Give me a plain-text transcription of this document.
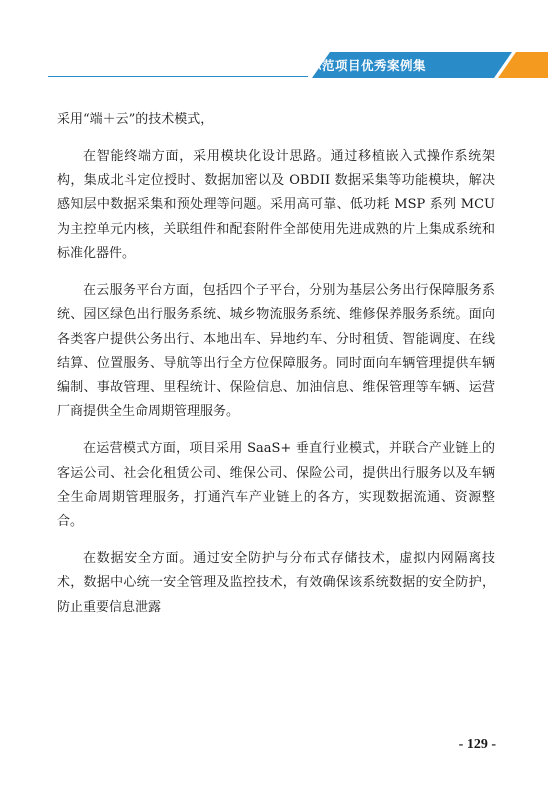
物联网示范项目优秀案例集

采用“端＋云”的技术模式，

在智能终端方面，采用模块化设计思路。通过移植嵌入式操作系统架构，集成北斗定位授时、数据加密以及 OBDII 数据采集等功能模块，解决感知层中数据采集和预处理等问题。采用高可靠、低功耗 MSP 系列 MCU 为主控单元内核，关联组件和配套附件全部使用先进成熟的片上集成系统和标准化器件。

在云服务平台方面，包括四个子平台，分别为基层公务出行保障服务系统、园区绿色出行服务系统、城乡物流服务系统、维修保养服务系统。面向各类客户提供公务出行、本地出车、异地约车、分时租赁、智能调度、在线结算、位置服务、导航等出行全方位保障服务。同时面向车辆管理提供车辆编制、事故管理、里程统计、保险信息、加油信息、维保管理等车辆、运营厂商提供全生命周期管理服务。

在运营模式方面，项目采用 SaaS+ 垂直行业模式，并联合产业链上的客运公司、社会化租赁公司、维保公司、保险公司，提供出行服务以及车辆全生命周期管理服务，打通汽车产业链上的各方，实现数据流通、资源整合。

在数据安全方面。通过安全防护与分布式存储技术，虚拟内网隔离技术，数据中心统一安全管理及监控技术，有效确保该系统数据的安全防护，防止重要信息泄露

- 129 -
